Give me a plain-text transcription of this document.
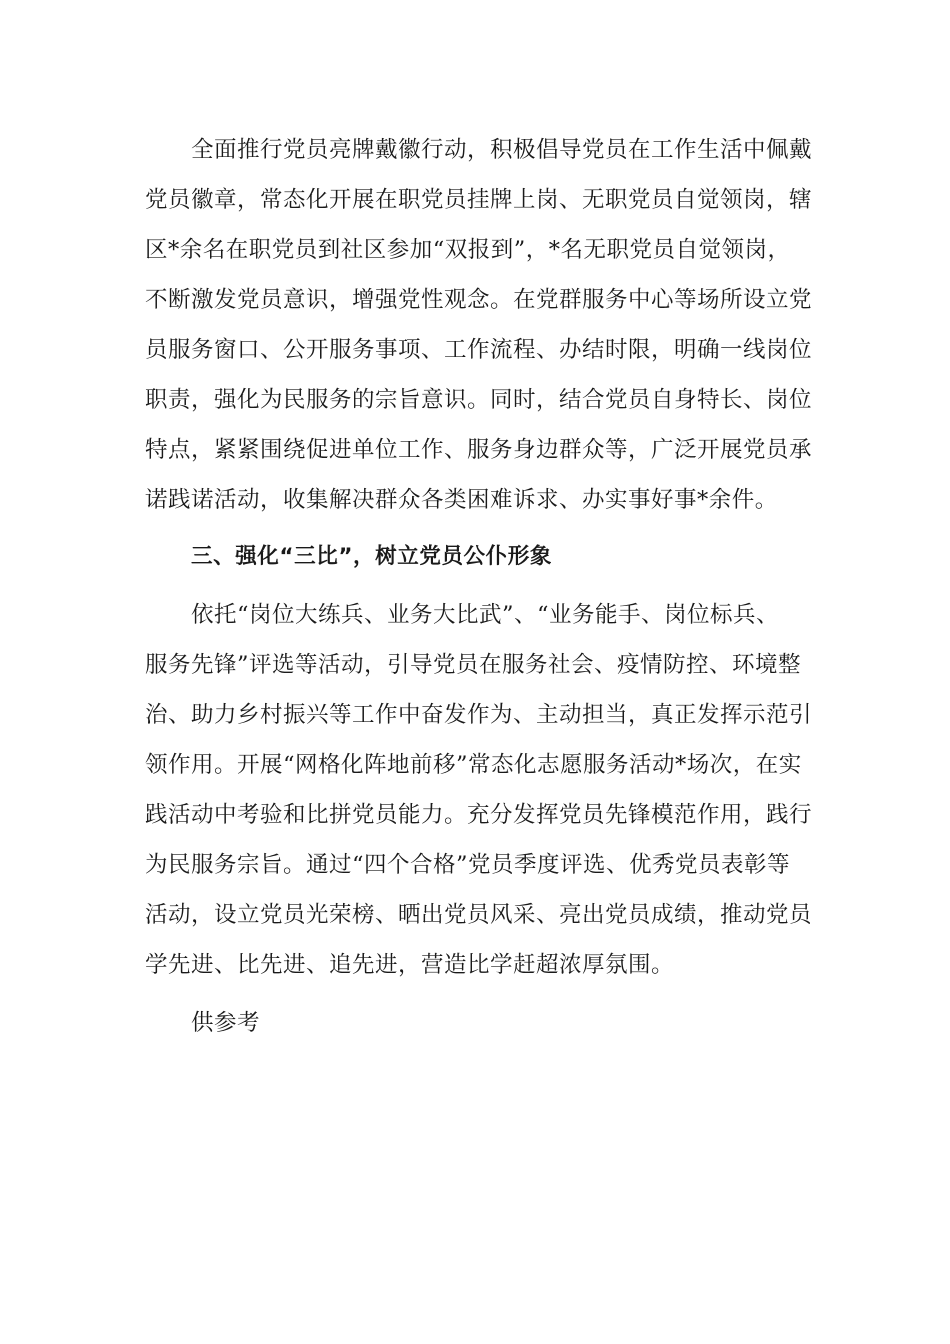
全面推行党员亮牌戴徽行动，积极倡导党员在工作生活中佩戴
党员徽章，常态化开展在职党员挂牌上岗、无职党员自觉领岗，辖
区*余名在职党员到社区参加“双报到”，*名无职党员自觉领岗，
不断激发党员意识，增强党性观念。在党群服务中心等场所设立党
员服务窗口、公开服务事项、工作流程、办结时限，明确一线岗位
职责，强化为民服务的宗旨意识。同时，结合党员自身特长、岗位
特点，紧紧围绕促进单位工作、服务身边群众等，广泛开展党员承
诺践诺活动，收集解决群众各类困难诉求、办实事好事*余件。
三、强化“三比”，树立党员公仆形象
依托“岗位大练兵、业务大比武”、“业务能手、岗位标兵、
服务先锋”评选等活动，引导党员在服务社会、疫情防控、环境整
治、助力乡村振兴等工作中奋发作为、主动担当，真正发挥示范引
领作用。开展“网格化阵地前移”常态化志愿服务活动*场次，在实
践活动中考验和比拼党员能力。充分发挥党员先锋模范作用，践行
为民服务宗旨。通过“四个合格”党员季度评选、优秀党员表彰等
活动，设立党员光荣榜、晒出党员风采、亮出党员成绩，推动党员
学先进、比先进、追先进，营造比学赶超浓厚氛围。
供参考
